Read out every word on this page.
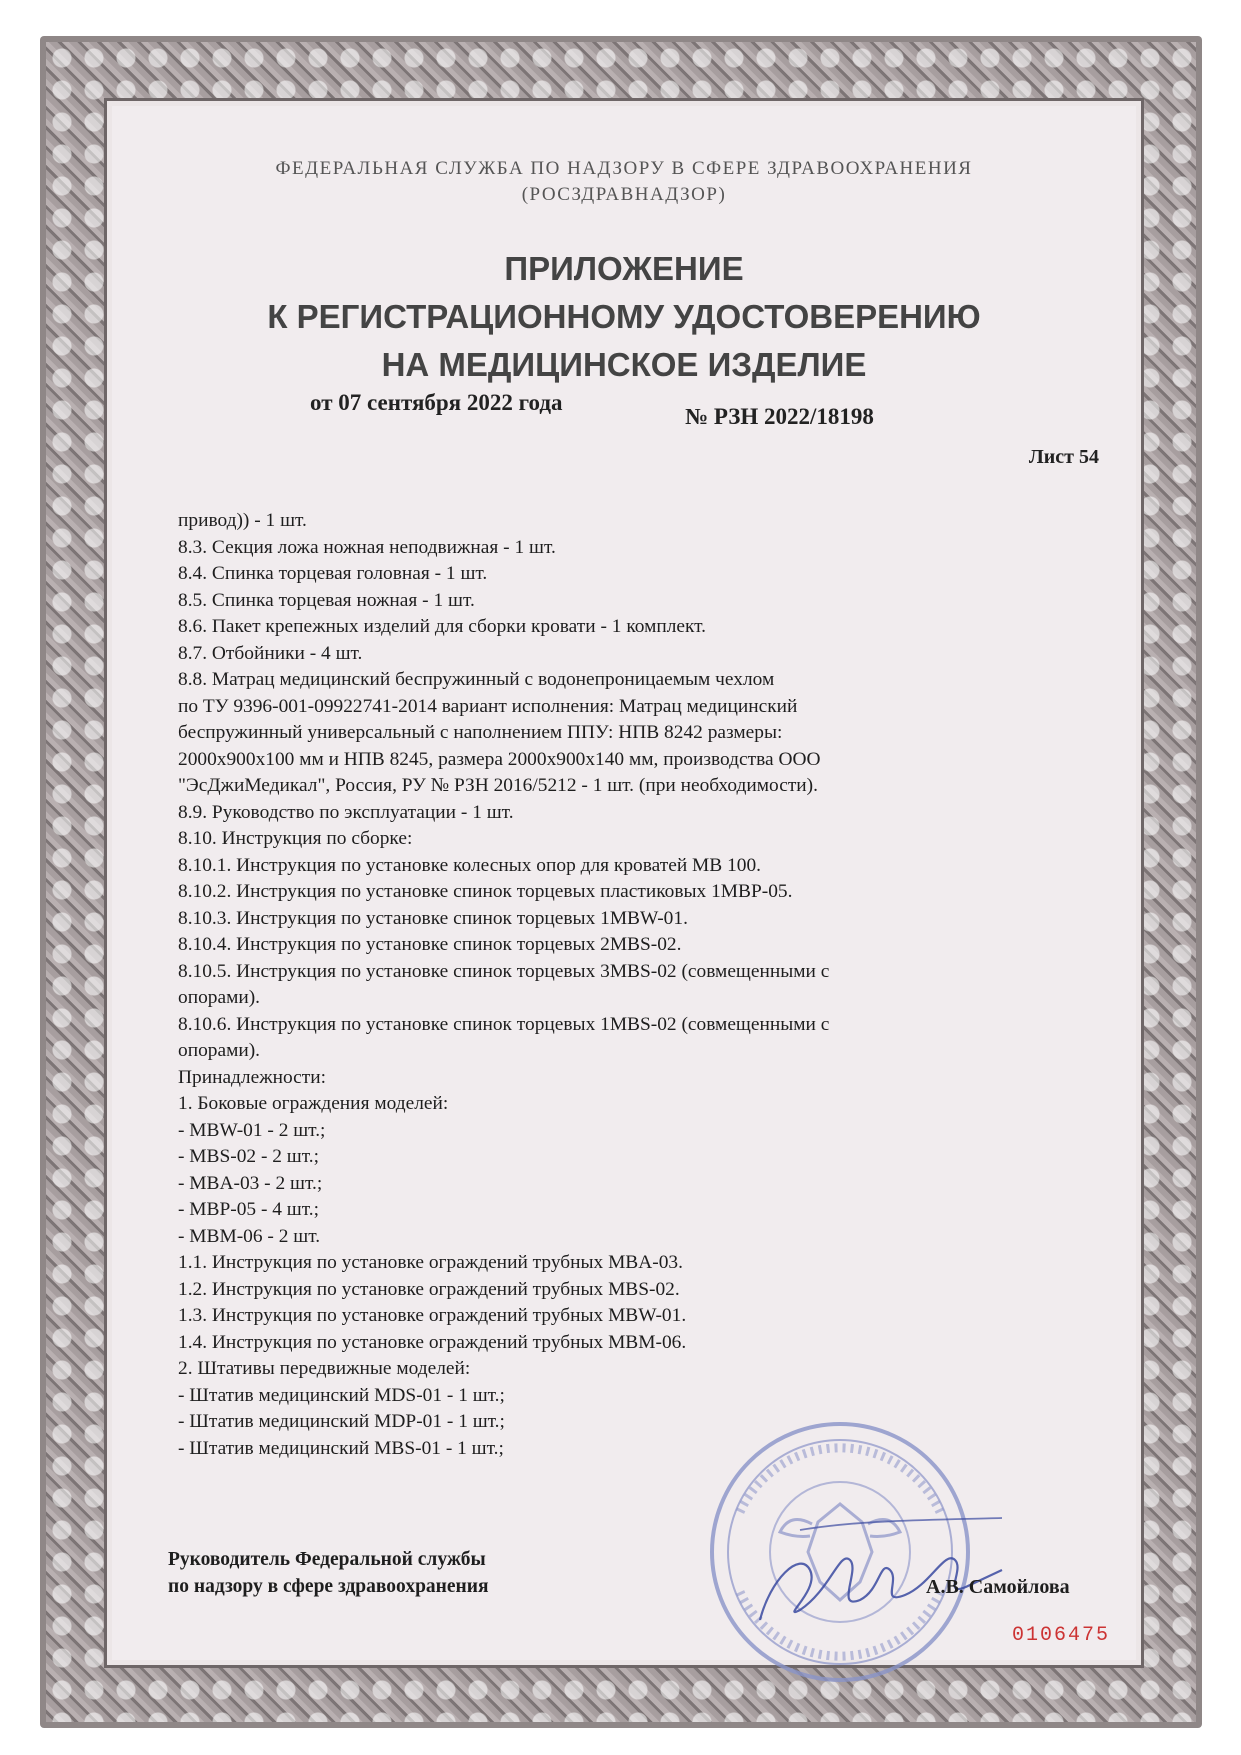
ФЕДЕРАЛЬНАЯ СЛУЖБА ПО НАДЗОРУ В СФЕРЕ ЗДРАВООХРАНЕНИЯ
(РОСЗДРАВНАДЗОР)
ПРИЛОЖЕНИЕ
К РЕГИСТРАЦИОННОМУ УДОСТОВЕРЕНИЮ
НА МЕДИЦИНСКОЕ ИЗДЕЛИЕ
от 07 сентября 2022 года
№ РЗН 2022/18198
Лист 54
привод)) - 1 шт.
8.3. Секция ложа ножная неподвижная - 1 шт.
8.4. Спинка торцевая головная - 1 шт.
8.5. Спинка торцевая ножная - 1 шт.
8.6. Пакет крепежных изделий для сборки кровати - 1 комплект.
8.7. Отбойники - 4 шт.
8.8. Матрац медицинский беспружинный с водонепроницаемым чехлом
по ТУ 9396-001-09922741-2014 вариант исполнения: Матрац медицинский
беспружинный универсальный с наполнением ППУ: НПВ 8242 размеры:
2000х900х100 мм и НПВ 8245, размера 2000х900х140 мм, производства ООО
"ЭсДжиМедикал", Россия, РУ № РЗН 2016/5212 - 1 шт. (при необходимости).
8.9. Руководство по эксплуатации - 1 шт.
8.10. Инструкция по сборке:
8.10.1. Инструкция по установке колесных опор для кроватей MB 100.
8.10.2. Инструкция по установке спинок торцевых пластиковых 1MBP-05.
8.10.3. Инструкция по установке спинок торцевых 1MBW-01.
8.10.4. Инструкция по установке спинок торцевых 2MBS-02.
8.10.5. Инструкция по установке спинок торцевых 3MBS-02 (совмещенными с
опорами).
8.10.6. Инструкция по установке спинок торцевых 1MBS-02 (совмещенными с
опорами).
Принадлежности:
1. Боковые ограждения моделей:
- MBW-01 - 2 шт.;
- MBS-02 - 2 шт.;
- MBA-03 - 2 шт.;
- MBP-05 - 4 шт.;
- MBM-06 - 2 шт.
1.1. Инструкция по установке ограждений трубных MBA-03.
1.2. Инструкция по установке ограждений трубных MBS-02.
1.3. Инструкция по установке ограждений трубных MBW-01.
1.4. Инструкция по установке ограждений трубных MBM-06.
2. Штативы передвижные моделей:
- Штатив медицинский MDS-01 - 1 шт.;
- Штатив медицинский MDP-01 - 1 шт.;
- Штатив медицинский MBS-01 - 1 шт.;
Руководитель Федеральной службы
по надзору в сфере здравоохранения	А.В. Самойлова
0106475
